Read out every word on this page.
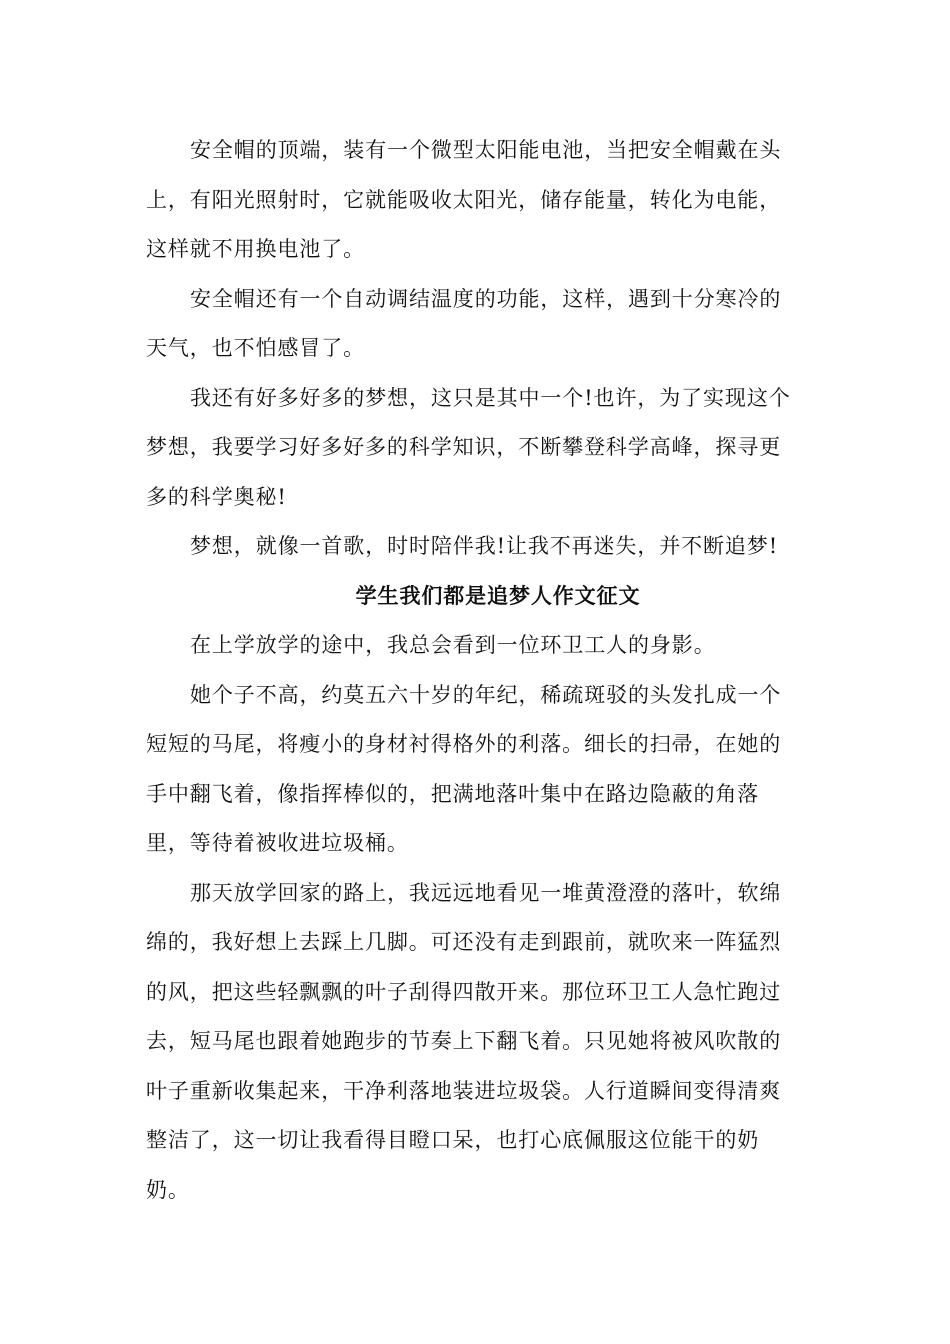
安全帽的顶端，装有一个微型太阳能电池，当把安全帽戴在头
上，有阳光照射时，它就能吸收太阳光，储存能量，转化为电能，
这样就不用换电池了。
安全帽还有一个自动调结温度的功能，这样，遇到十分寒冷的
天气，也不怕感冒了。
我还有好多好多的梦想，这只是其中一个!也许，为了实现这个
梦想，我要学习好多好多的科学知识，不断攀登科学高峰，探寻更
多的科学奥秘!
梦想，就像一首歌，时时陪伴我!让我不再迷失，并不断追梦!
学生我们都是追梦人作文征文
在上学放学的途中，我总会看到一位环卫工人的身影。
她个子不高，约莫五六十岁的年纪，稀疏斑驳的头发扎成一个
短短的马尾，将瘦小的身材衬得格外的利落。细长的扫帚，在她的
手中翻飞着，像指挥棒似的，把满地落叶集中在路边隐蔽的角落
里，等待着被收进垃圾桶。
那天放学回家的路上，我远远地看见一堆黄澄澄的落叶，软绵
绵的，我好想上去踩上几脚。可还没有走到跟前，就吹来一阵猛烈
的风，把这些轻飘飘的叶子刮得四散开来。那位环卫工人急忙跑过
去，短马尾也跟着她跑步的节奏上下翻飞着。只见她将被风吹散的
叶子重新收集起来，干净利落地装进垃圾袋。人行道瞬间变得清爽
整洁了，这一切让我看得目瞪口呆，也打心底佩服这位能干的奶
奶。
